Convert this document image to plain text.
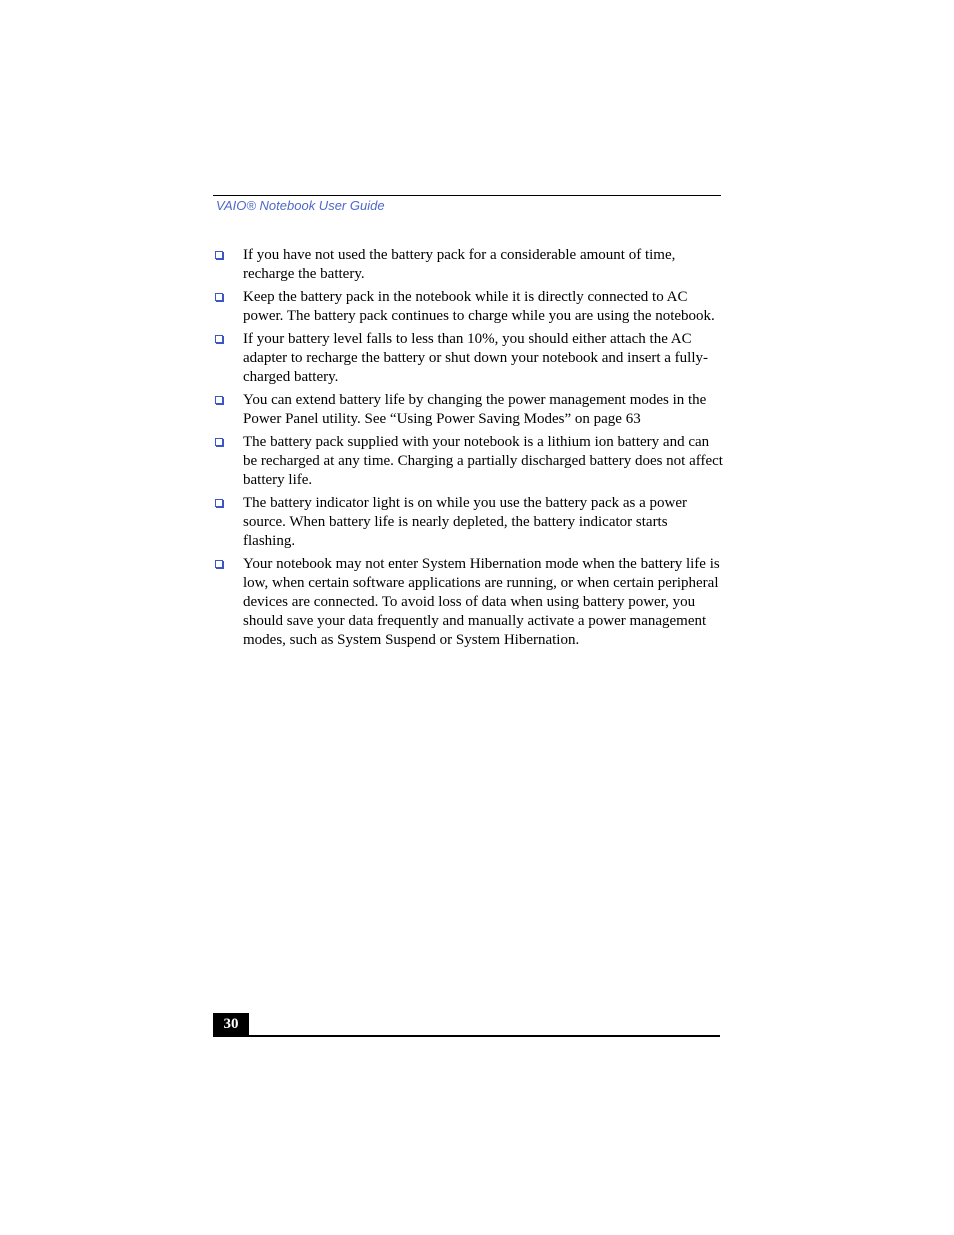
VAIO® Notebook User Guide
If you have not used the battery pack for a considerable amount of time, recharge the battery.
Keep the battery pack in the notebook while it is directly connected to AC power. The battery pack continues to charge while you are using the notebook.
If your battery level falls to less than 10%, you should either attach the AC adapter to recharge the battery or shut down your notebook and insert a fully-charged battery.
You can extend battery life by changing the power management modes in the Power Panel utility. See “Using Power Saving Modes” on page 63
The battery pack supplied with your notebook is a lithium ion battery and can be recharged at any time. Charging a partially discharged battery does not affect battery life.
The battery indicator light is on while you use the battery pack as a power source. When battery life is nearly depleted, the battery indicator starts flashing.
Your notebook may not enter System Hibernation mode when the battery life is low, when certain software applications are running, or when certain peripheral devices are connected. To avoid loss of data when using battery power, you should save your data frequently and manually activate a power management modes, such as System Suspend or System Hibernation.
30
